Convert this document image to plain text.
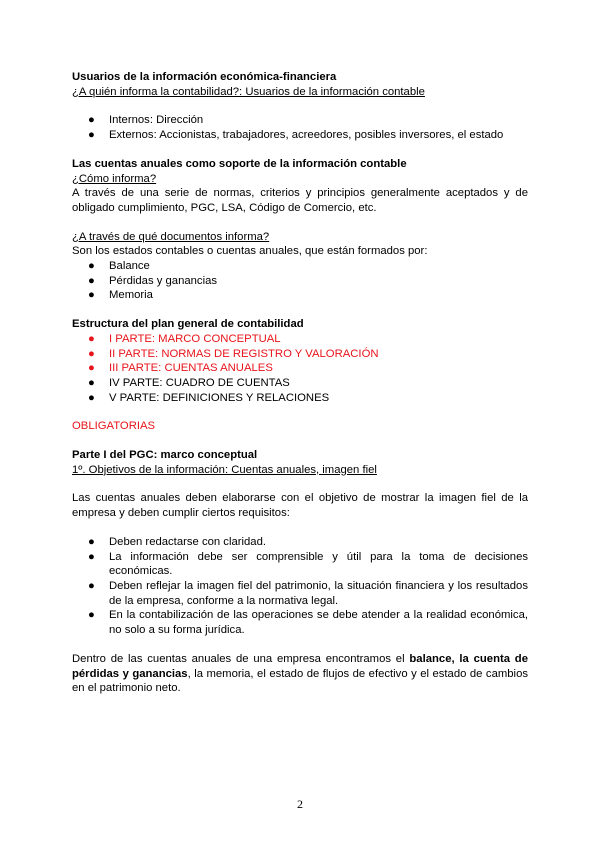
Usuarios de la información económica-financiera
¿A quién informa la contabilidad?: Usuarios de la información contable
● Internos: Dirección
● Externos: Accionistas, trabajadores, acreedores, posibles inversores, el estado
Las cuentas anuales como soporte de la información contable
¿Cómo informa?
A través de una serie de normas, criterios y principios generalmente aceptados y de obligado cumplimiento, PGC, LSA, Código de Comercio, etc.
¿A través de qué documentos informa?
Son los estados contables o cuentas anuales, que están formados por:
● Balance
● Pérdidas y ganancias
● Memoria
Estructura del plan general de contabilidad
● I PARTE: MARCO CONCEPTUAL
● II PARTE: NORMAS DE REGISTRO Y VALORACIÓN
● III PARTE: CUENTAS ANUALES
● IV PARTE: CUADRO DE CUENTAS
● V PARTE: DEFINICIONES Y RELACIONES
OBLIGATORIAS
Parte I del PGC: marco conceptual
1º. Objetivos de la información: Cuentas anuales, imagen fiel
Las cuentas anuales deben elaborarse con el objetivo de mostrar la imagen fiel de la empresa y deben cumplir ciertos requisitos:
● Deben redactarse con claridad.
● La información debe ser comprensible y útil para la toma de decisiones económicas.
● Deben reflejar la imagen fiel del patrimonio, la situación financiera y los resultados de la empresa, conforme a la normativa legal.
● En la contabilización de las operaciones se debe atender a la realidad económica, no solo a su forma jurídica.
Dentro de las cuentas anuales de una empresa encontramos el balance, la cuenta de pérdidas y ganancias, la memoria, el estado de flujos de efectivo y el estado de cambios en el patrimonio neto.
2
